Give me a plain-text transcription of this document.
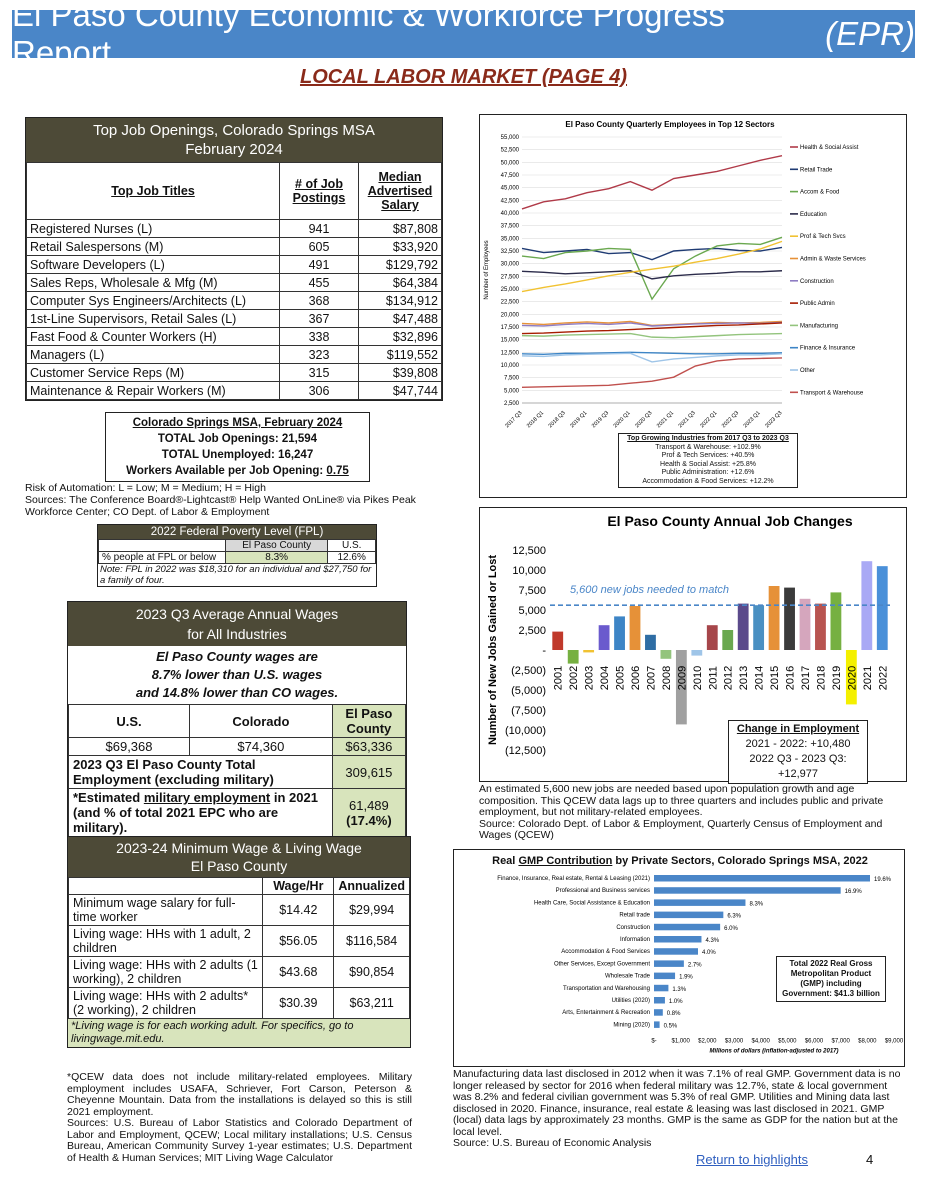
El Paso County Economic & Workforce Progress Report

(EPR)
LOCAL LABOR MARKET (PAGE 4)
Top Job Openings, Colorado Springs MSA
February 2024
Top Job Titles	# of Job Postings	Median Advertised Salary
Registered Nurses (L)	941	$87,808
Retail Salespersons (M)	605	$33,920
Software Developers (L)	491	$129,792
Sales Reps, Wholesale & Mfg (M)	455	$64,384
Computer Sys Engineers/Architects (L)	368	$134,912
1st-Line Supervisors, Retail Sales (L)	367	$47,488
Fast Food & Counter Workers (H)	338	$32,896
Managers (L)	323	$119,552
Customer Service Reps (M)	315	$39,808
Maintenance & Repair Workers (M)	306	$47,744
Colorado Springs MSA, February 2024
TOTAL Job Openings: 21,594
TOTAL Unemployed: 16,247
Workers Available per Job Opening: 0.75
Risk of Automation: L = Low; M = Medium; H = High
Sources: The Conference Board®-Lightcast® Help Wanted OnLine® via Pikes Peak Workforce Center; CO Dept. of Labor & Employment
2022 Federal Poverty Level (FPL)
	El Paso County	U.S.
% people at FPL or below	8.3%	12.6%
Note: FPL in 2022 was $18,310 for an individual and $27,750 for a family of four.
2023 Q3 Average Annual Wages
for All Industries
El Paso County wages are
8.7% lower than U.S. wages
and 14.8% lower than CO wages.
U.S.	Colorado	El Paso County
$69,368	$74,360	$63,336
2023 Q3 El Paso County Total Employment (excluding military)		309,615
*Estimated military employment in 2021 (and % of total 2021 EPC who are military).		61,489 (17.4%)
2023-24 Minimum Wage & Living Wage
El Paso County
	Wage/Hr	Annualized
Minimum wage salary for full-time worker	$14.42	$29,994
Living wage: HHs with 1 adult, 2 children	$56.05	$116,584
Living wage: HHs with 2 adults (1 working), 2 children	$43.68	$90,854
Living wage: HHs with 2 adults* (2 working), 2 children	$30.39	$63,211
*Living wage is for each working adult. For specifics, go to livingwage.mit.edu.
*QCEW data does not include military-related employees. Military employment includes USAFA, Schriever, Fort Carson, Peterson & Cheyenne Mountain. Data from the installations is delayed so this is still 2021 employment.
Sources: U.S. Bureau of Labor Statistics and Colorado Department of Labor and Employment, QCEW; Local military installations; U.S. Census Bureau, American Community Survey 1-year estimates; U.S. Department of Health & Human Services; MIT Living Wage Calculator
El Paso County Quarterly Employees in Top 12 Sectors
55,000
52,500
50,000
47,500
45,000
42,500
40,000
37,500
35,000
32,500
30,000
27,500
25,000
22,500
20,000
17,500
15,000
12,500
10,000
7,500
5,000
2,500
Number of Employees
2017 Q3 2018 Q1 2018 Q3 2019 Q1 2019 Q3 2020 Q1 2020 Q3 2021 Q1 2021 Q3 2022 Q1 2022 Q3 2023 Q1 2023 Q3
Health & Social Assist
Retail Trade
Accom & Food
Education
Prof & Tech Svcs
Admin & Waste Services
Construction
Public Admin
Manufacturing
Finance & Insurance
Other
Transport & Warehouse
Top Growing Industries from 2017 Q3 to 2023 Q3
Transport & Warehouse: +102.9%
Prof & Tech Services: +40.5%
Health & Social Assist: +25.8%
Public Administration: +12.6%
Accommodation & Food Services: +12.2%
El Paso County Annual Job Changes
12,500
10,000
7,500
5,000
2,500
-
(2,500)
(5,000)
(7,500)
(10,000)
(12,500)
Number of New Jobs Gained or Lost	2001 2002 2003 2004 2005 2006 2007 2008 2009 2010 2011 2012 2013 2014 2015 2016 2017 2018 2019 2020 2021 2022
5,600 new jobs needed to match
Change in Employment
2021 - 2022: +10,480
2022 Q3 - 2023 Q3: +12,977
An estimated 5,600 new jobs are needed based upon population growth and age composition. This QCEW data lags up to three quarters and includes public and private employment, but not military-related employees.
Source: Colorado Dept. of Labor & Employment, Quarterly Census of Employment and Wages (QCEW)
Real GMP Contribution by Private Sectors, Colorado Springs MSA, 2022
Finance, Insurance, Real estate, Rental & Leasing (2021)	19.6%
Professional and Business services	16.9%
Health Care, Social Assistance & Education	8.3%
Retail trade	6.3%
Construction	6.0%
Information	4.3%
Accommodation & Food Services	4.0%
Other Services, Except Government	2.7%
Wholesale Trade	1.9%
Transportation and Warehousing	1.3%
Utilities (2020)	1.0%
Arts, Entertainment & Recreation	0.8%
Mining (2020) 0.5%
$- $1,000 $2,000 $3,000 $4,000 $5,000 $6,000 $7,000 $8,000 $9,000
Millions of dollars (inflation-adjusted to 2017)
Total 2022 Real Gross Metropolitan Product (GMP) including Government: $41.3 billion
Manufacturing data last disclosed in 2012 when it was 7.1% of real GMP. Government data is no longer released by sector for 2016 when federal military was 12.7%, state & local government was 8.2% and federal civilian government was 5.3% of real GMP. Utilities and Mining data last disclosed in 2020. Finance, insurance, real estate & leasing was last disclosed in 2021. GMP (local) data lags by approximately 23 months. GMP is the same as GDP for the nation but at the local level.
Source: U.S. Bureau of Economic Analysis
Return to highlights	4
